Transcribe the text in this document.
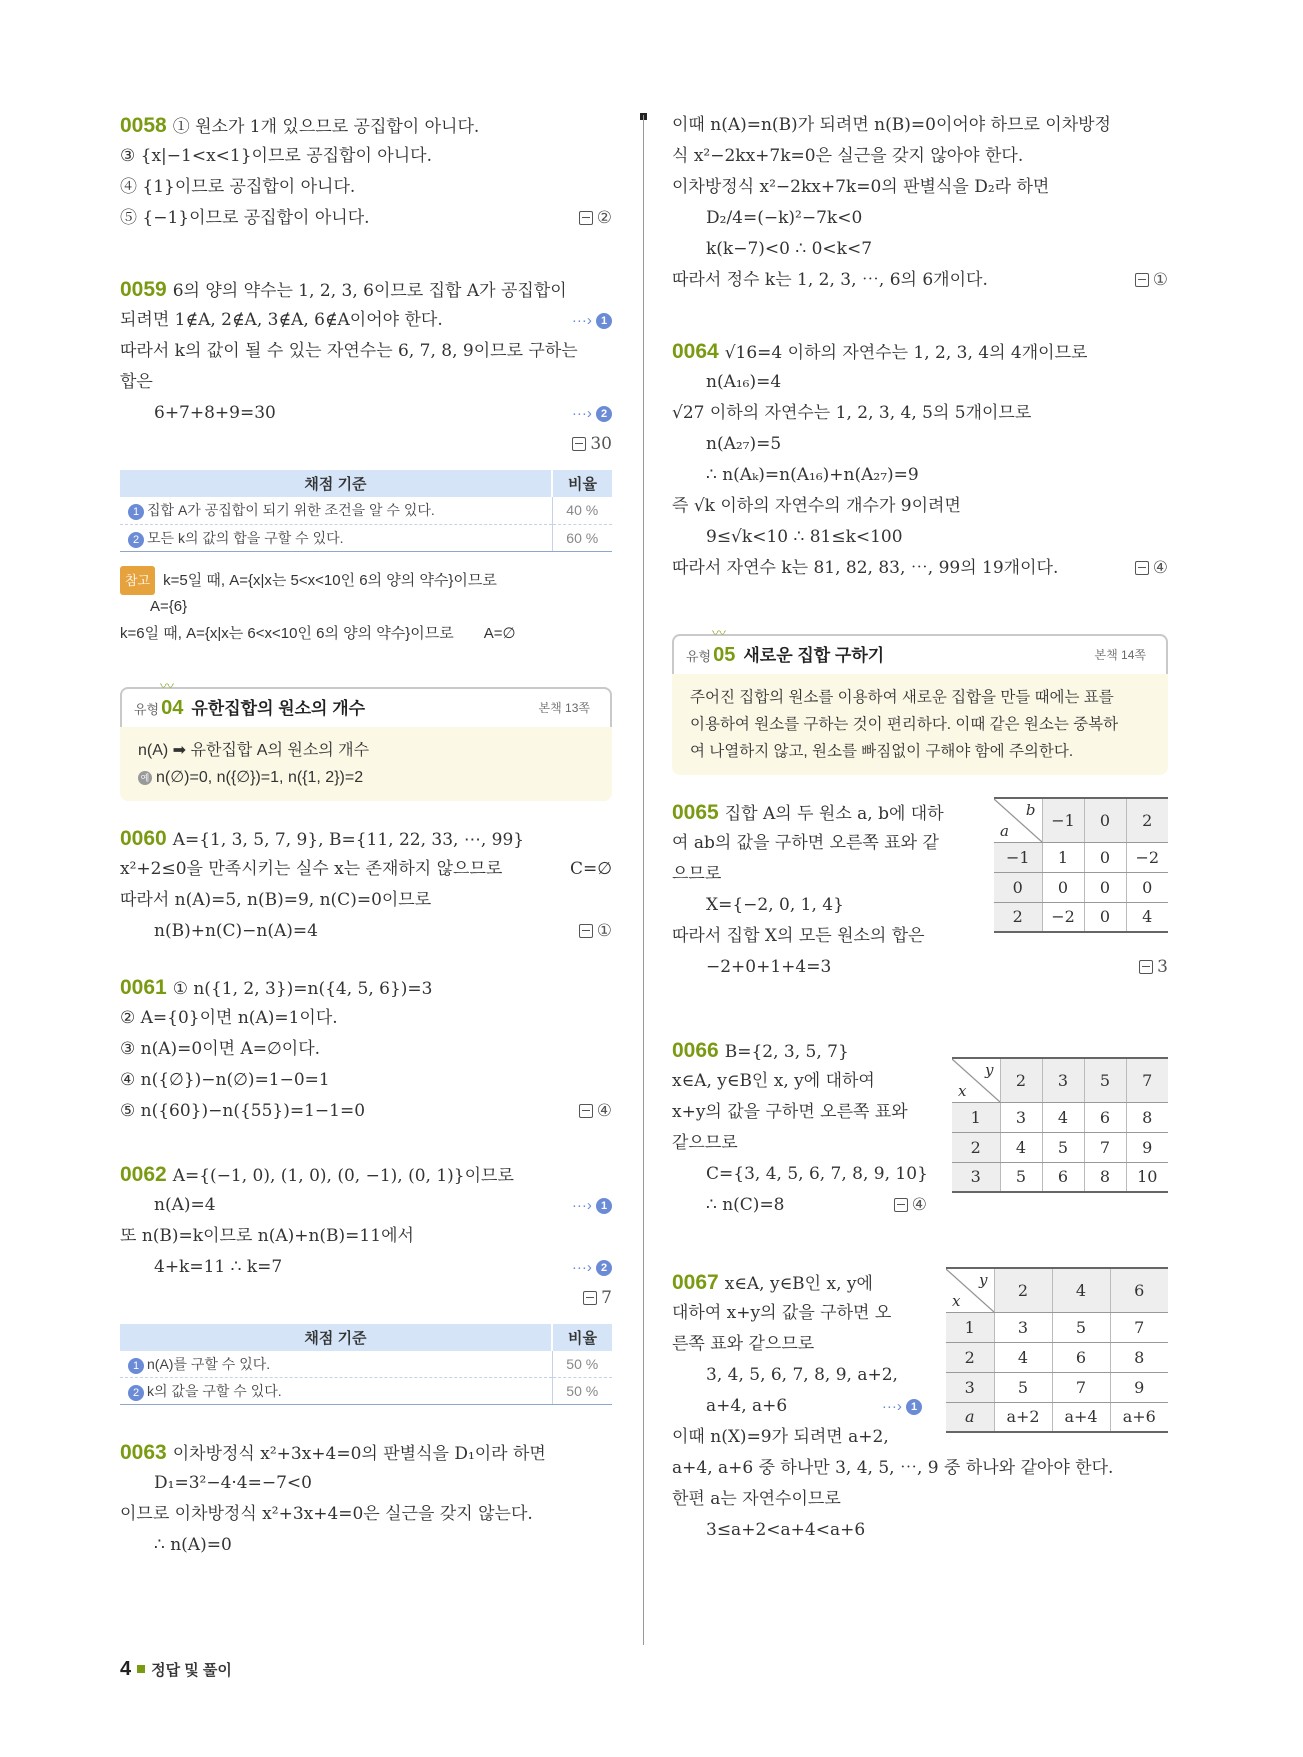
0058 ① 원소가 1개 있으므로 공집합이 아니다.
③ {x|−1<x<1}이므로 공집합이 아니다.
④ {1}이므로 공집합이 아니다.
⑤ {−1}이므로 공집합이 아니다.	②
0059 6의 양의 약수는 1, 2, 3, 6이므로 집합 A가 공집합이
되려면 1∉A, 2∉A, 3∉A, 6∉A이어야 한다.	···› 1
따라서 k의 값이 될 수 있는 자연수는 6, 7, 8, 9이므로 구하는
합은
6+7+8+9=30	···› 2
30
채점 기준	비율
1 집합 A가 공집합이 되기 위한 조건을 알 수 있다.	40 %
2 모든 k의 값의 합을 구할 수 있다.	60 %
참고 k=5일 때, A={x|x는 5<x<10인 6의 양의 약수}이므로
A={6}
k=6일 때, A={x|x는 6<x<10인 6의 양의 약수}이므로 A=∅
〰
유형 04 유한집합의 원소의 개수	본책 13쪽
n(A) ➡ 유한집합 A의 원소의 개수
예 n(∅)=0, n({∅})=1, n({1, 2})=2
0060 A={1, 3, 5, 7, 9}, B={11, 22, 33, ⋯, 99}
x²+2≤0을 만족시키는 실수 x는 존재하지 않으므로	C=∅
따라서 n(A)=5, n(B)=9, n(C)=0이므로
n(B)+n(C)−n(A)=4	①
0061 ① n({1, 2, 3})=n({4, 5, 6})=3
② A={0}이면 n(A)=1이다.
③ n(A)=0이면 A=∅이다.
④ n({∅})−n(∅)=1−0=1
⑤ n({60})−n({55})=1−1=0	④
0062 A={(−1, 0), (1, 0), (0, −1), (0, 1)}이므로
n(A)=4	···› 1
또 n(B)=k이므로 n(A)+n(B)=11에서
4+k=11 ∴ k=7	···› 2
7
채점 기준	비율
1 n(A)를 구할 수 있다.	50 %
2 k의 값을 구할 수 있다.	50 %
0063 이차방정식 x²+3x+4=0의 판별식을 D₁이라 하면
D₁=3²−4·4=−7<0
이므로 이차방정식 x²+3x+4=0은 실근을 갖지 않는다.
∴ n(A)=0
이때 n(A)=n(B)가 되려면 n(B)=0이어야 하므로 이차방정
식 x²−2kx+7k=0은 실근을 갖지 않아야 한다.
이차방정식 x²−2kx+7k=0의 판별식을 D₂라 하면
D₂/4=(−k)²−7k<0
k(k−7)<0 ∴ 0<k<7
따라서 정수 k는 1, 2, 3, ⋯, 6의 6개이다.	①
0064 √16=4 이하의 자연수는 1, 2, 3, 4의 4개이므로
n(A₁₆)=4
√27 이하의 자연수는 1, 2, 3, 4, 5의 5개이므로
n(A₂₇)=5
∴ n(Aₖ)=n(A₁₆)+n(A₂₇)=9
즉 √k 이하의 자연수의 개수가 9이려면
9≤√k<10 ∴ 81≤k<100
따라서 자연수 k는 81, 82, 83, ⋯, 99의 19개이다.	④
〰
유형 05 새로운 집합 구하기	본책 14쪽
주어진 집합의 원소를 이용하여 새로운 집합을 만들 때에는 표를
이용하여 원소를 구하는 것이 편리하다. 이때 같은 원소는 중복하
여 나열하지 않고, 원소를 빠짐없이 구해야 함에 주의한다.
0065 집합 A의 두 원소 a, b에 대하
여 ab의 값을 구하면 오른쪽 표와 같
으므로
X={−2, 0, 1, 4}
따라서 집합 X의 모든 원소의 합은
−2+0+1+4=3	3
b
a	−1	0	2
−1	1	0	−2
0	0	0	0
2	−2	0	4
0066 B={2, 3, 5, 7}
x∈A, y∈B인 x, y에 대하여
x+y의 값을 구하면 오른쪽 표와
같으므로
C={3, 4, 5, 6, 7, 8, 9, 10}
∴ n(C)=8	④
y
x	2	3	5	7
1	3	4	6	8
2	4	5	7	9
3	5	6	8	10
0067 x∈A, y∈B인 x, y에
대하여 x+y의 값을 구하면 오
른쪽 표와 같으므로
3, 4, 5, 6, 7, 8, 9, a+2,
a+4, a+6	···› 1
이때 n(X)=9가 되려면 a+2,
a+4, a+6 중 하나만 3, 4, 5, ⋯, 9 중 하나와 같아야 한다.
한편 a는 자연수이므로
3≤a+2<a+4<a+6
y
x	2	4	6
1	3	5	7
2	4	6	8
3	5	7	9
a	a+2	a+4	a+6
4 정답 및 풀이
